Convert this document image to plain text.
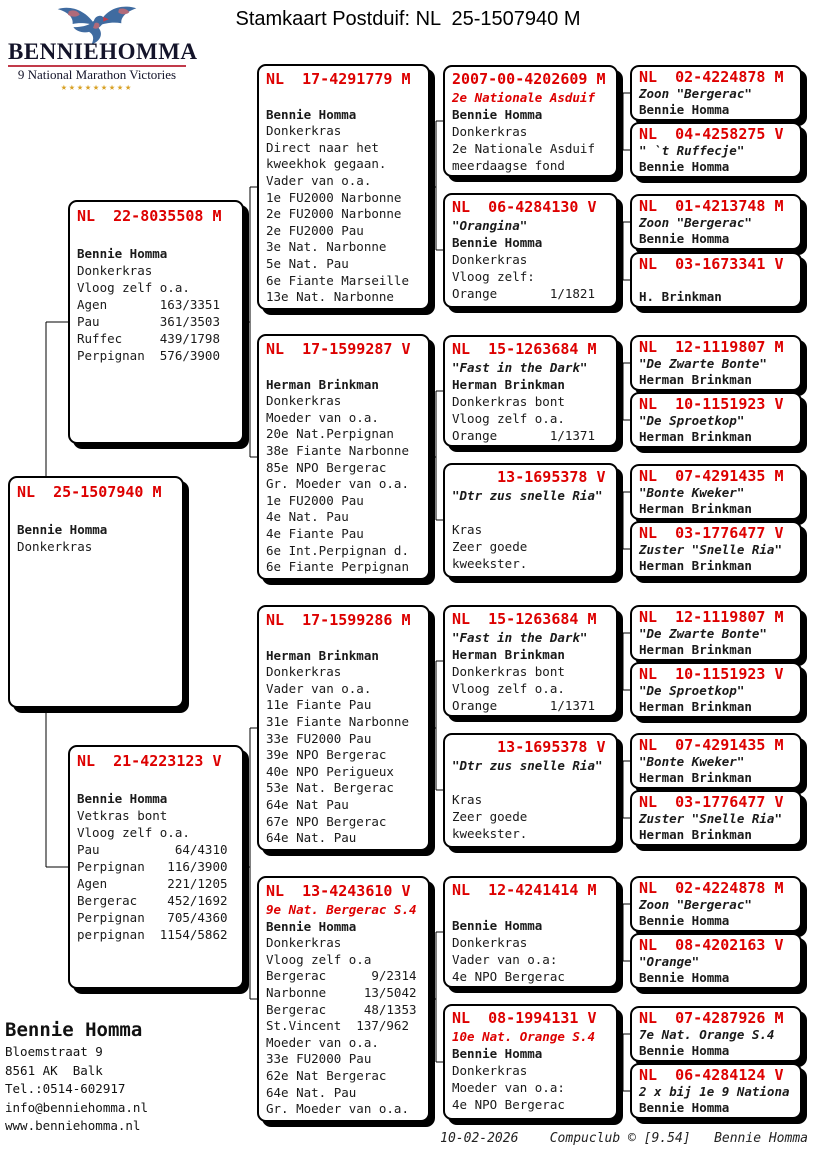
BENNIE HOMMA
9 National Marathon Victories
★★★★★★★★★
Stamkaart Postduif: NL  25-1507940 M
NL  25-1507940 M

Bennie Homma
Donkerkras
NL  22-8035508 M

Bennie Homma
Donkerkras
Vloog zelf o.a.
Agen       163/3351
Pau        361/3503
Ruffec     439/1798
Perpignan  576/3900
NL  21-4223123 V

Bennie Homma
Vetkras bont
Vloog zelf o.a.
Pau          64/4310
Perpignan   116/3900
Agen        221/1205
Bergerac    452/1692
Perpignan   705/4360
perpignan  1154/5862
NL  17-4291779 M

Bennie Homma
Donkerkras
Direct naar het
kweekhok gegaan.
Vader van o.a.
1e FU2000 Narbonne
2e FU2000 Narbonne
2e FU2000 Pau
3e Nat. Narbonne
5e Nat. Pau
6e Fiante Marseille
13e Nat. Narbonne
NL  17-1599287 V

Herman Brinkman
Donkerkras
Moeder van o.a.
20e Nat.Perpignan
38e Fiante Narbonne
85e NPO Bergerac
Gr. Moeder van o.a.
1e FU2000 Pau
4e Nat. Pau
4e Fiante Pau
6e Int.Perpignan d.
6e Fiante Perpignan
NL  17-1599286 M

Herman Brinkman
Donkerkras
Vader van o.a.
11e Fiante Pau
31e Fiante Narbonne
33e FU2000 Pau
39e NPO Bergerac
40e NPO Perigueux
53e Nat. Bergerac
64e Nat Pau
67e NPO Bergerac
64e Nat. Pau
NL  13-4243610 V
9e Nat. Bergerac S.4
Bennie Homma
Donkerkras
Vloog zelf o.a
Bergerac      9/2314
Narbonne     13/5042
Bergerac     48/1353
St.Vincent  137/962
Moeder van o.a.
33e FU2000 Pau
62e Nat Bergerac
64e Nat. Pau
Gr. Moeder van o.a.
2007-00-4202609 M
2e Nationale Asduif
Bennie Homma
Donkerkras
2e Nationale Asduif
meerdaagse fond
NL  06-4284130 V
"Orangina"
Bennie Homma
Donkerkras
Vloog zelf:
Orange       1/1821
NL  15-1263684 M
"Fast in the Dark"
Herman Brinkman
Donkerkras bont
Vloog zelf o.a.
Orange       1/1371
13-1695378 V
"Dtr zus snelle Ria"

Kras
Zeer goede
kweekster.
NL  15-1263684 M
"Fast in the Dark"
Herman Brinkman
Donkerkras bont
Vloog zelf o.a.
Orange       1/1371
13-1695378 V
"Dtr zus snelle Ria"

Kras
Zeer goede
kweekster.
NL  12-4241414 M

Bennie Homma
Donkerkras
Vader van o.a:
4e NPO Bergerac
NL  08-1994131 V
10e Nat. Orange S.4
Bennie Homma
Donkerkras
Moeder van o.a:
4e NPO Bergerac
NL  02-4224878 M
Zoon "Bergerac"
Bennie Homma
NL  04-4258275 V
" `t Ruffecje"
Bennie Homma
NL  01-4213748 M
Zoon "Bergerac"
Bennie Homma
NL  03-1673341 V

H. Brinkman
NL  12-1119807 M
"De Zwarte Bonte"
Herman Brinkman
NL  10-1151923 V
"De Sproetkop"
Herman Brinkman
NL  07-4291435 M
"Bonte Kweker"
Herman Brinkman
NL  03-1776477 V
Zuster "Snelle Ria"
Herman Brinkman
NL  12-1119807 M
"De Zwarte Bonte"
Herman Brinkman
NL  10-1151923 V
"De Sproetkop"
Herman Brinkman
NL  07-4291435 M
"Bonte Kweker"
Herman Brinkman
NL  03-1776477 V
Zuster "Snelle Ria"
Herman Brinkman
NL  02-4224878 M
Zoon "Bergerac"
Bennie Homma
NL  08-4202163 V
"Orange"
Bennie Homma
NL  07-4287926 M
7e Nat. Orange S.4
Bennie Homma
NL  06-4284124 V
2 x bij 1e 9 Nationa
Bennie Homma
Bennie Homma
Bloemstraat 9
8561 AK  Balk
Tel.:0514-602917
info@benniehomma.nl
www.benniehomma.nl
10-02-2026    Compuclub © [9.54]   Bennie Homma
